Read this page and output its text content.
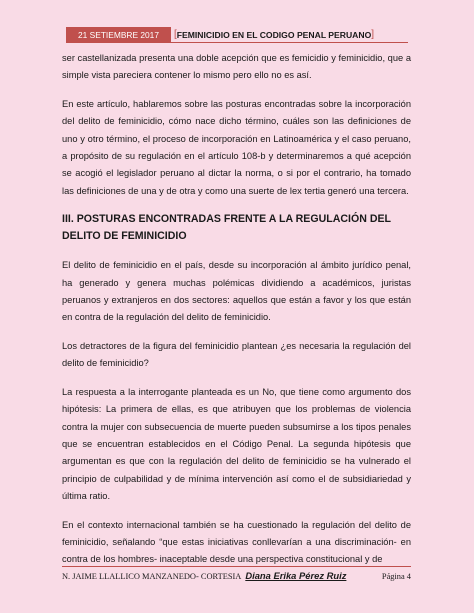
21 SETIEMBRE 2017	[ FEMINICIDIO EN EL CODIGO PENAL PERUANO ]

ser castellanizada presenta una doble acepción que es femicidio y feminicidio, que a simple vista pareciera contener lo mismo pero ello no es así.

En este artículo, hablaremos sobre las posturas encontradas sobre la incorporación del delito de feminicidio, cómo nace dicho término, cuáles son las definiciones de uno y otro término, el proceso de incorporación en Latinoamérica y el caso peruano, a propósito de su regulación en el artículo 108-b y determinaremos a qué acepción se acogió el legislador peruano al dictar la norma, o si por el contrario, ha tomado las definiciones de una y de otra y como una suerte de lex tertia generó una tercera.

III. POSTURAS ENCONTRADAS FRENTE A LA REGULACIÓN DEL DELITO DE FEMINICIDIO

El delito de feminicidio en el país, desde su incorporación al ámbito jurídico penal, ha generado y genera muchas polémicas dividiendo a académicos, juristas peruanos y extranjeros en dos sectores: aquellos que están a favor y los que están en contra de la regulación del delito de feminicidio.

Los detractores de la figura del feminicidio plantean ¿es necesaria la regulación del delito de feminicidio?

La respuesta a la interrogante planteada es un No, que tiene como argumento dos hipótesis: La primera de ellas, es que atribuyen que los problemas de violencia contra la mujer con subsecuencia de muerte pueden subsumirse a los tipos penales que se encuentran establecidos en el Código Penal. La segunda hipótesis que argumentan es que con la regulación del delito de feminicidio se ha vulnerado el principio de culpabilidad y de mínima intervención así como el de subsidiariedad y última ratio.

En el contexto internacional también se ha cuestionado la regulación del delito de feminicidio, señalando “que estas iniciativas conllevarían a una discriminación- en contra de los hombres- inaceptable desde una perspectiva constitucional y de

N. JAIME LLALLICO MANZANEDO- CORTESIA Diana Erika Pérez Ruiz	Página 4
